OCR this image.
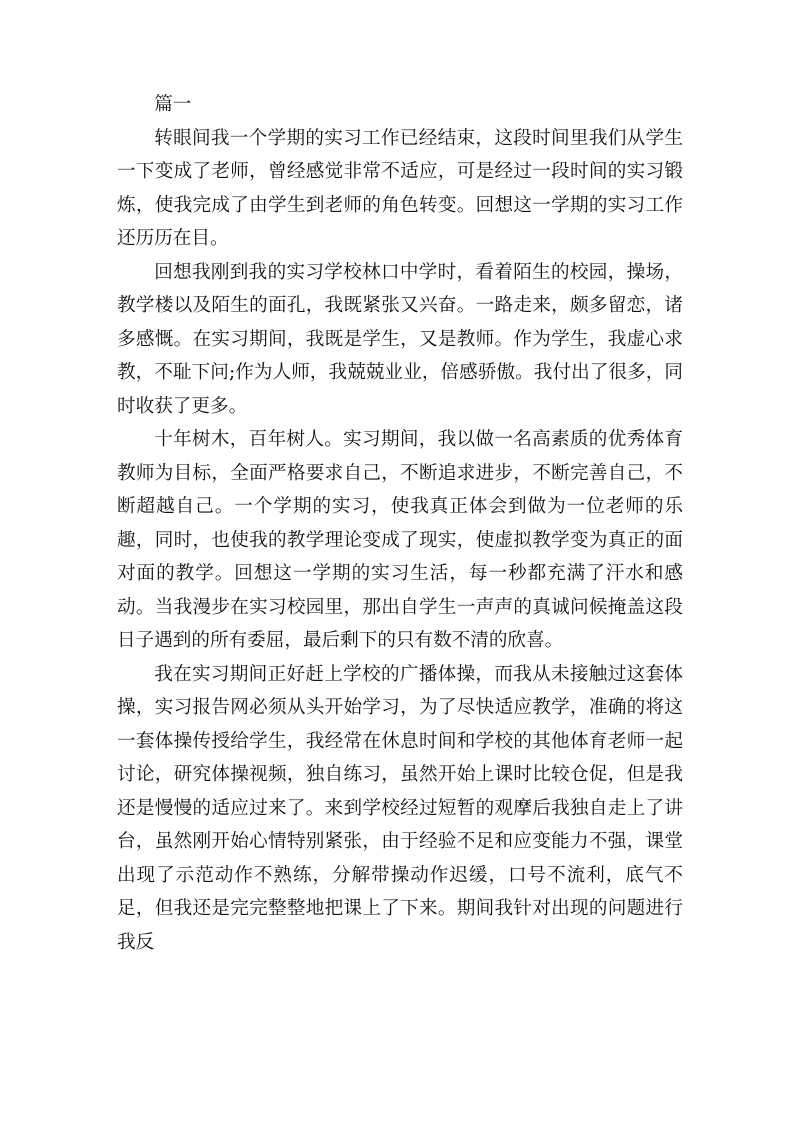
篇一

转眼间我一个学期的实习工作已经结束，这段时间里我们从学生一下变成了老师，曾经感觉非常不适应，可是经过一段时间的实习锻炼，使我完成了由学生到老师的角色转变。回想这一学期的实习工作还历历在目。

回想我刚到我的实习学校林口中学时，看着陌生的校园，操场，教学楼以及陌生的面孔，我既紧张又兴奋。一路走来，颇多留恋，诸多感慨。在实习期间，我既是学生，又是教师。作为学生，我虚心求教，不耻下问;作为人师，我兢兢业业，倍感骄傲。我付出了很多，同时收获了更多。

十年树木，百年树人。实习期间，我以做一名高素质的优秀体育教师为目标，全面严格要求自己，不断追求进步，不断完善自己，不断超越自己。一个学期的实习，使我真正体会到做为一位老师的乐趣，同时，也使我的教学理论变成了现实，使虚拟教学变为真正的面对面的教学。回想这一学期的实习生活，每一秒都充满了汗水和感动。当我漫步在实习校园里，那出自学生一声声的真诚问候掩盖这段日子遇到的所有委屈，最后剩下的只有数不清的欣喜。

我在实习期间正好赶上学校的广播体操，而我从未接触过这套体操，实习报告网必须从头开始学习，为了尽快适应教学，准确的将这一套体操传授给学生，我经常在休息时间和学校的其他体育老师一起讨论，研究体操视频，独自练习，虽然开始上课时比较仓促，但是我还是慢慢的适应过来了。来到学校经过短暂的观摩后我独自走上了讲台，虽然刚开始心情特别紧张，由于经验不足和应变能力不强，课堂出现了示范动作不熟练，分解带操动作迟缓，口号不流利，底气不足，但我还是完完整整地把课上了下来。期间我针对出现的问题进行我反
